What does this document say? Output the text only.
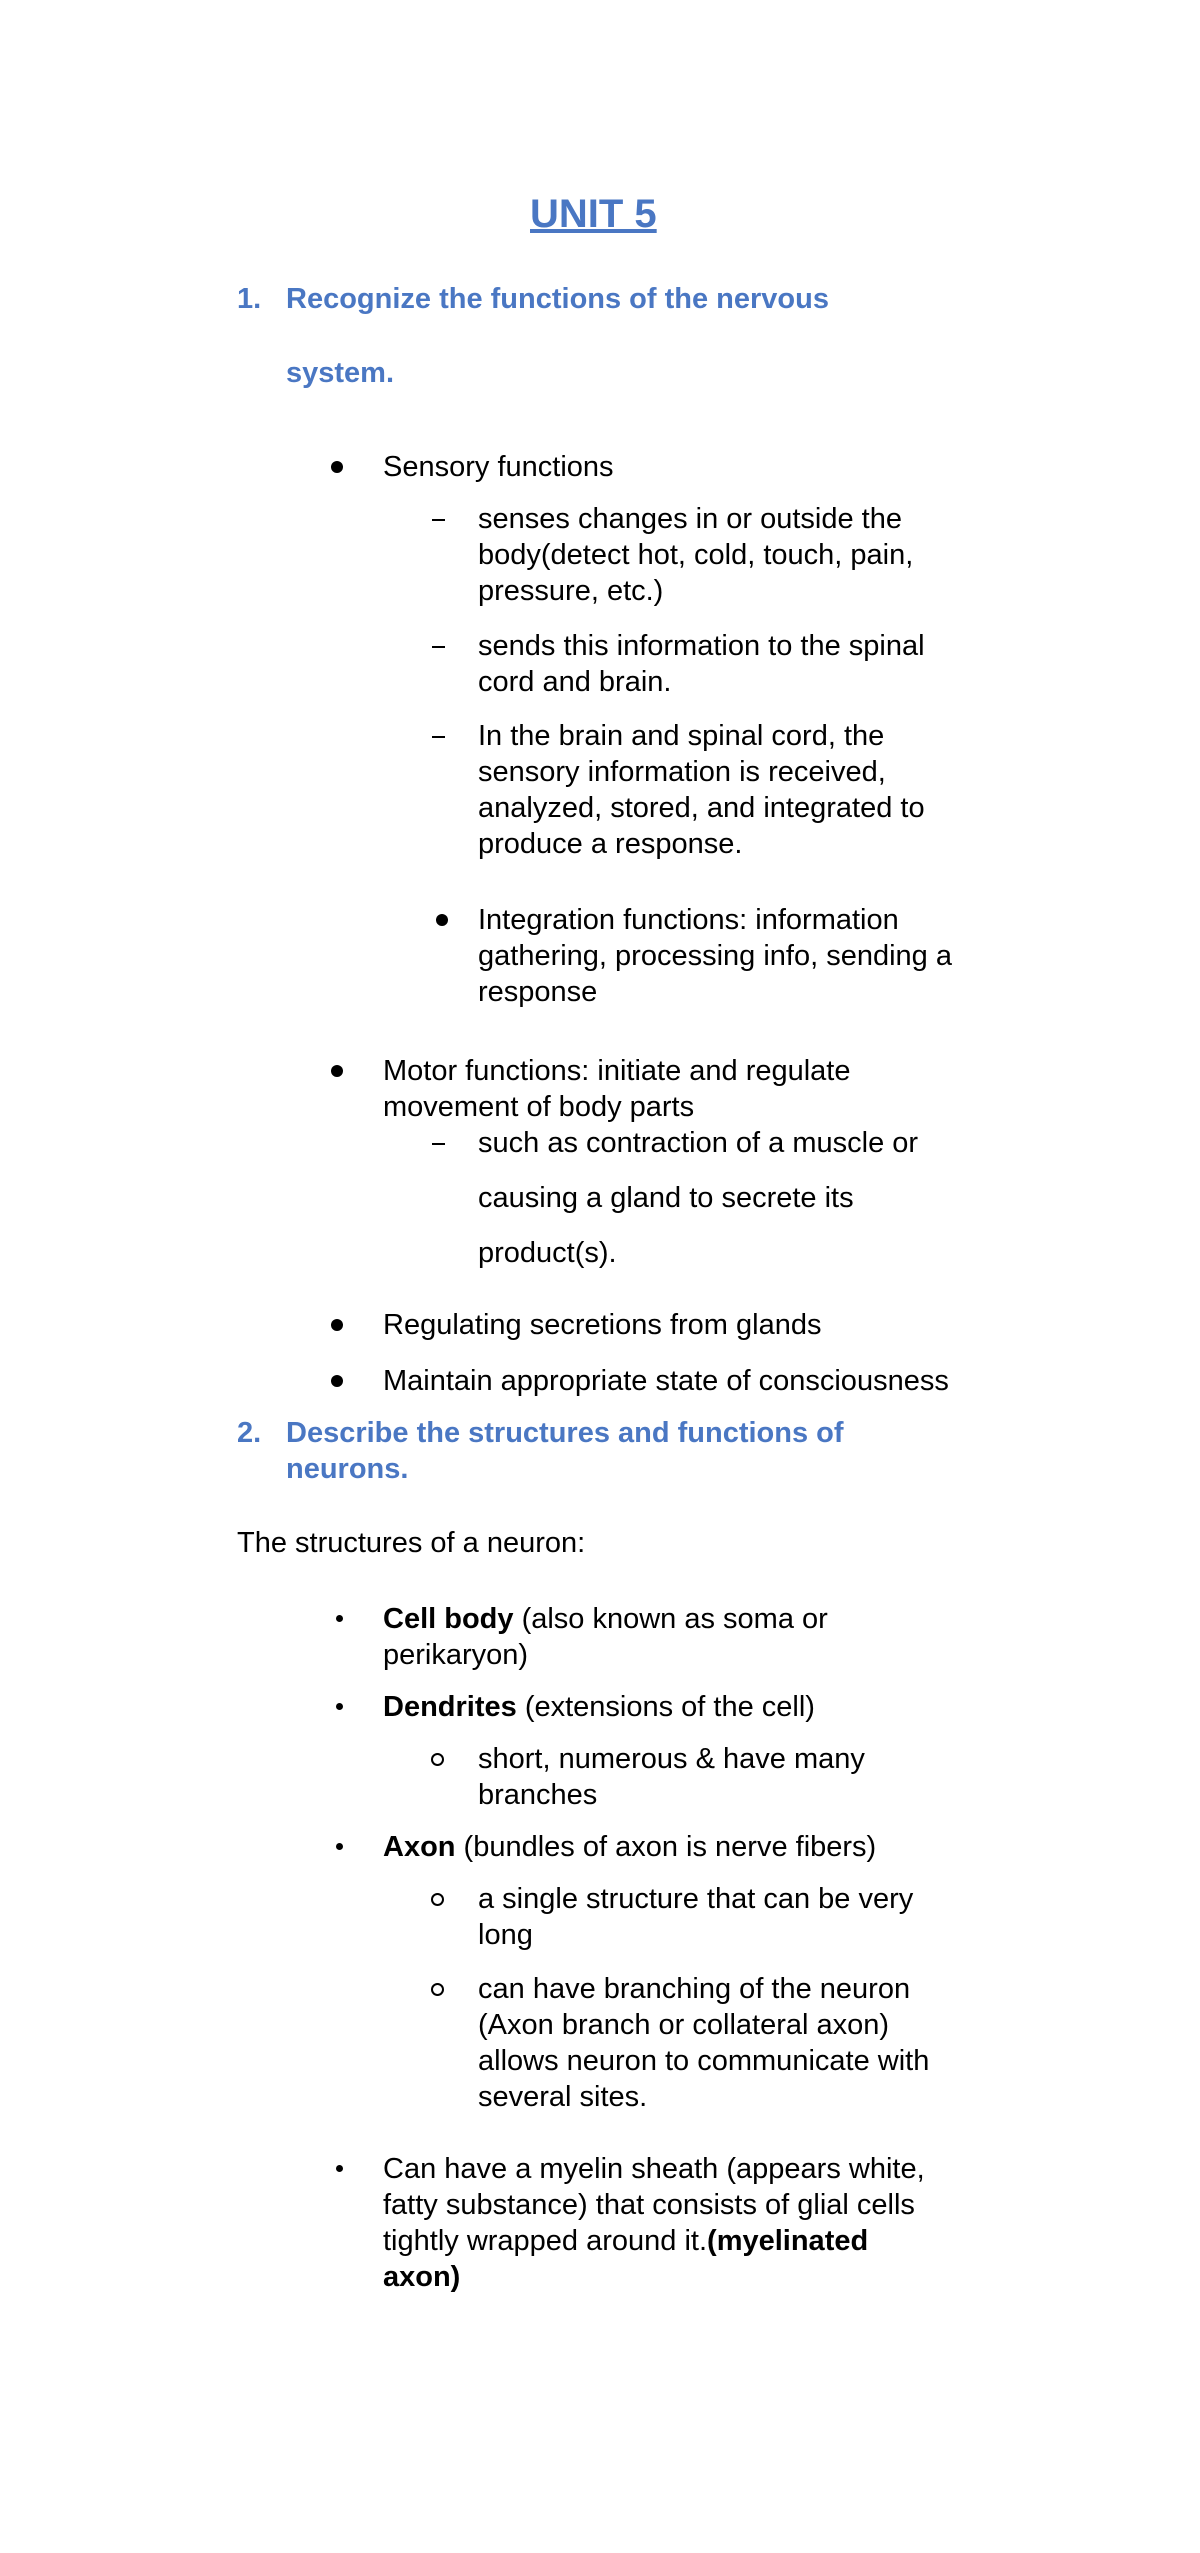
UNIT 5
1. Recognize the functions of the nervous
system.
Sensory functions
senses changes in or outside the
body(detect hot, cold, touch, pain,
pressure, etc.)
sends this information to the spinal
cord and brain.
In the brain and spinal cord, the
sensory information is received,
analyzed, stored, and integrated to
produce a response.
Integration functions: information
gathering, processing info, sending a
response
Motor functions: initiate and regulate
movement of body parts
such as contraction of a muscle or
causing a gland to secrete its
product(s).
Regulating secretions from glands
Maintain appropriate state of consciousness
2. Describe the structures and functions of
neurons.
The structures of a neuron:
Cell body (also known as soma or
perikaryon)
Dendrites (extensions of the cell)
short, numerous & have many
branches
Axon (bundles of axon is nerve fibers)
a single structure that can be very
long
can have branching of the neuron
(Axon branch or collateral axon)
allows neuron to communicate with
several sites.
Can have a myelin sheath (appears white,
fatty substance) that consists of glial cells
tightly wrapped around it.(myelinated
axon)
